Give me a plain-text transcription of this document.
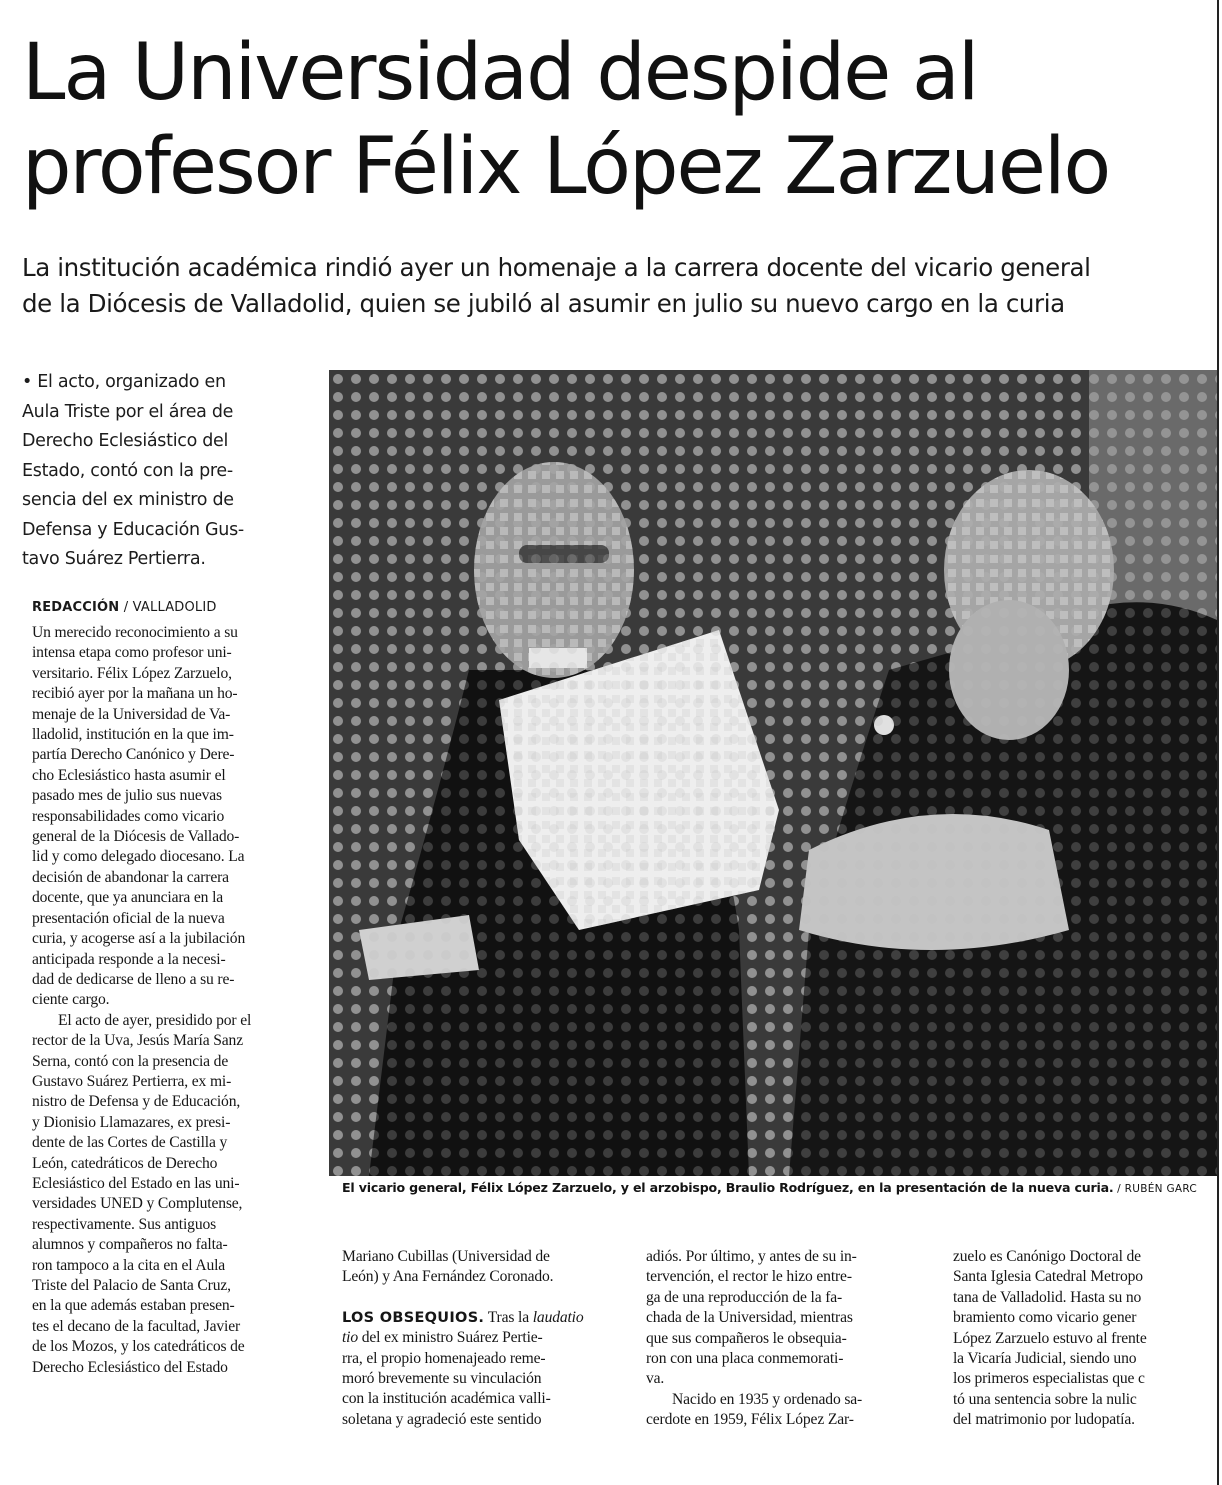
La Universidad despide al
profesor Félix López Zarzuelo

La institución académica rindió ayer un homenaje a la carrera docente del vicario general
de la Diócesis de Valladolid, quien se jubiló al asumir en julio su nuevo cargo en la curia

• El acto, organizado en
Aula Triste por el área de
Derecho Eclesiástico del
Estado, contó con la pre-
sencia del ex ministro de
Defensa y Educación Gus-
tavo Suárez Pertierra.
REDACCIÓN / VALLADOLID
Un merecido reconocimiento a su
intensa etapa como profesor uni-
versitario. Félix López Zarzuelo,
recibió ayer por la mañana un ho-
menaje de la Universidad de Va-
lladolid, institución en la que im-
partía Derecho Canónico y Dere-
cho Eclesiástico hasta asumir el
pasado mes de julio sus nuevas
responsabilidades como vicario
general de la Diócesis de Vallado-
lid y como delegado diocesano. La
decisión de abandonar la carrera
docente, que ya anunciara en la
presentación oficial de la nueva
curia, y acogerse así a la jubilación
anticipada responde a la necesi-
dad de dedicarse de lleno a su re-
ciente cargo.
El acto de ayer, presidido por el
rector de la Uva, Jesús María Sanz
Serna, contó con la presencia de
Gustavo Suárez Pertierra, ex mi-
nistro de Defensa y de Educación,
y Dionisio Llamazares, ex presi-
dente de las Cortes de Castilla y
León, catedráticos de Derecho
Eclesiástico del Estado en las uni-
versidades UNED y Complutense,
respectivamente. Sus antiguos
alumnos y compañeros no falta-
ron tampoco a la cita en el Aula
Triste del Palacio de Santa Cruz,
en la que además estaban presen-
tes el decano de la facultad, Javier
de los Mozos, y los catedráticos de
Derecho Eclesiástico del Estado
El vicario general, Félix López Zarzuelo, y el arzobispo, Braulio Rodríguez, en la presentación de la nueva curia. / RUBÉN GARC
Mariano Cubillas (Universidad de
León) y Ana Fernández Coronado.
LOS OBSEQUIOS. Tras la laudatio
tio del ex ministro Suárez Pertie-
rra, el propio homenajeado reme-
moró brevemente su vinculación
con la institución académica valli-
soletana y agradeció este sentido
adiós. Por último, y antes de su in-
tervención, el rector le hizo entre-
ga de una reproducción de la fa-
chada de la Universidad, mientras
que sus compañeros le obsequia-
ron con una placa conmemorati-
va.
Nacido en 1935 y ordenado sa-
cerdote en 1959, Félix López Zar-
zuelo es Canónigo Doctoral de
Santa Iglesia Catedral Metropo
tana de Valladolid. Hasta su no
bramiento como vicario gener
López Zarzuelo estuvo al frente
la Vicaría Judicial, siendo uno
los primeros especialistas que c
tó una sentencia sobre la nulic
del matrimonio por ludopatía.
